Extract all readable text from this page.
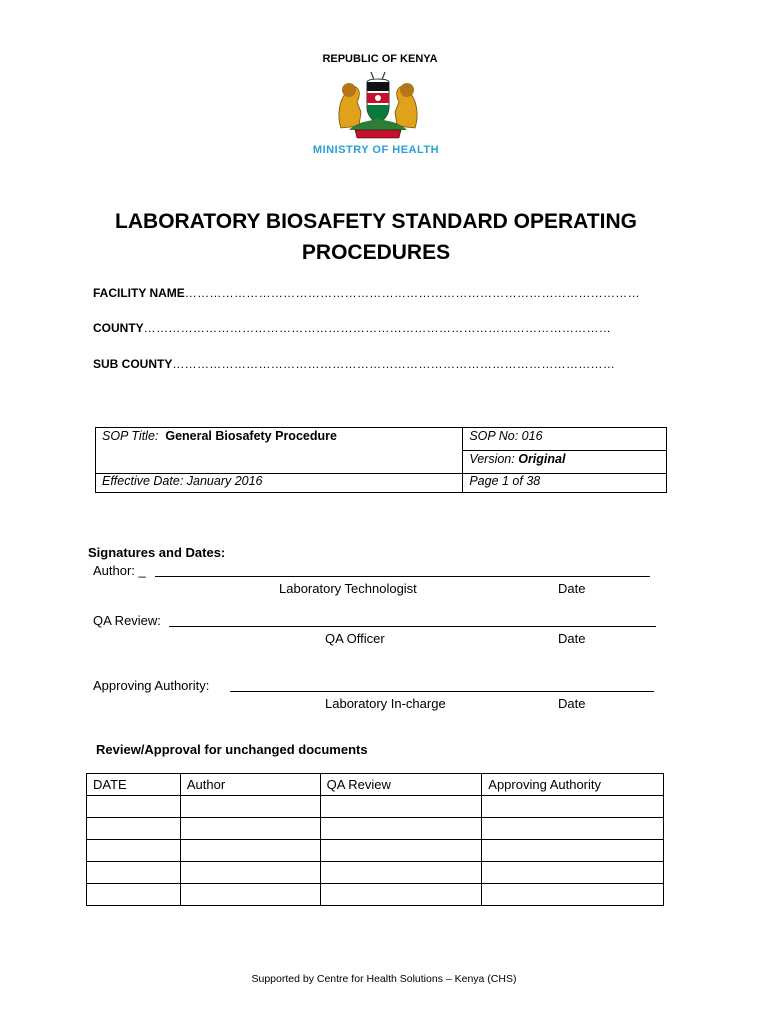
REPUBLIC OF KENYA
MINISTRY OF HEALTH
LABORATORY BIOSAFETY STANDARD OPERATING
PROCEDURES
FACILITY NAME…………………………………………………………………………………………………
COUNTY……………………………………………………………………………………………………
SUB COUNTY………………………………………………………………………………………………
SOP Title: General Biosafety Procedure	SOP No: 016
	Version: Original
Effective Date: January 2016	Page 1 of 38
Signatures and Dates:
Author: _
Laboratory Technologist	Date
QA Review:
QA Officer	Date
Approving Authority:
Laboratory In-charge	Date
Review/Approval for unchanged documents
DATE	Author	QA Review	Approving Authority

Supported by Centre for Health Solutions – Kenya (CHS)
